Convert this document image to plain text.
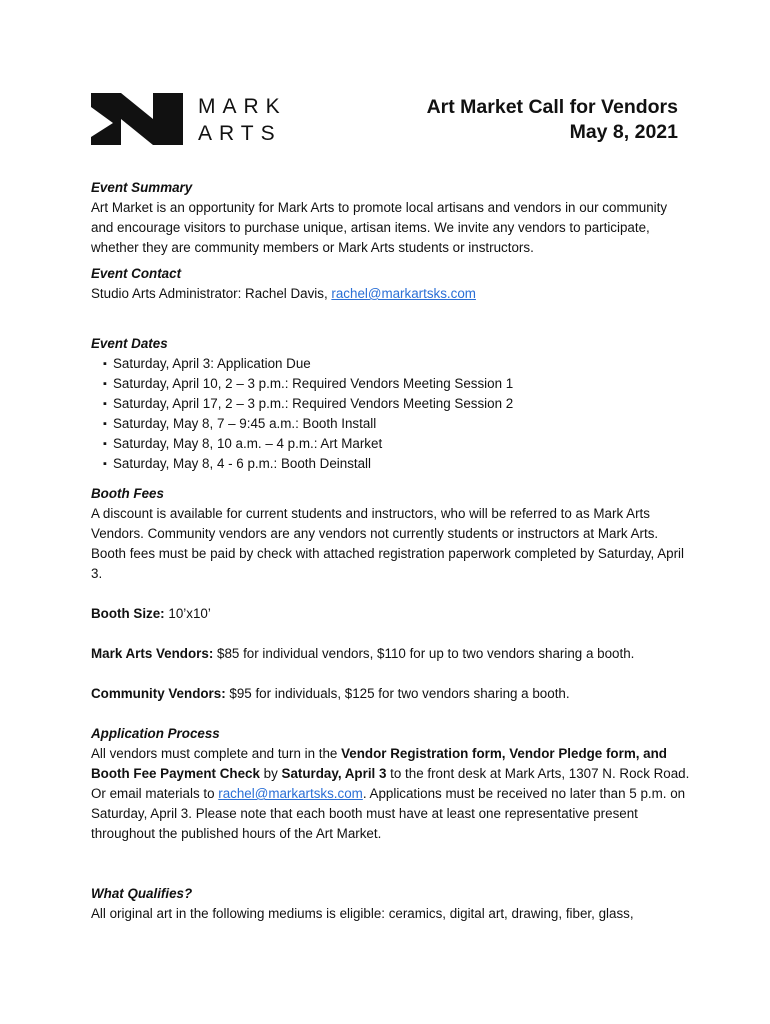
MARK
ARTS
Art Market Call for Vendors
May 8, 2021
Event Summary

Art Market is an opportunity for Mark Arts to promote local artisans and vendors in our community and encourage visitors to purchase unique, artisan items. We invite any vendors to participate, whether they are community members or Mark Arts students or instructors.

Event Contact

Studio Arts Administrator: Rachel Davis, rachel@markartsks.com

Event Dates
▪ Saturday, April 3: Application Due
▪ Saturday, April 10, 2 – 3 p.m.: Required Vendors Meeting Session 1
▪ Saturday, April 17, 2 – 3 p.m.: Required Vendors Meeting Session 2
▪ Saturday, May 8, 7 – 9:45 a.m.: Booth Install
▪ Saturday, May 8, 10 a.m. – 4 p.m.: Art Market
▪ Saturday, May 8, 4 - 6 p.m.: Booth Deinstall
Booth Fees

A discount is available for current students and instructors, who will be referred to as Mark Arts Vendors. Community vendors are any vendors not currently students or instructors at Mark Arts. Booth fees must be paid by check with attached registration paperwork completed by Saturday, April 3.

Booth Size: 10’x10’

Mark Arts Vendors: $85 for individual vendors, $110 for up to two vendors sharing a booth.

Community Vendors: $95 for individuals, $125 for two vendors sharing a booth.

Application Process

All vendors must complete and turn in the Vendor Registration form, Vendor Pledge form, and Booth Fee Payment Check by Saturday, April 3 to the front desk at Mark Arts, 1307 N. Rock Road. Or email materials to rachel@markartsks.com. Applications must be received no later than 5 p.m. on Saturday, April 3. Please note that each booth must have at least one representative present throughout the published hours of the Art Market.

What Qualifies?

All original art in the following mediums is eligible: ceramics, digital art, drawing, fiber, glass,
